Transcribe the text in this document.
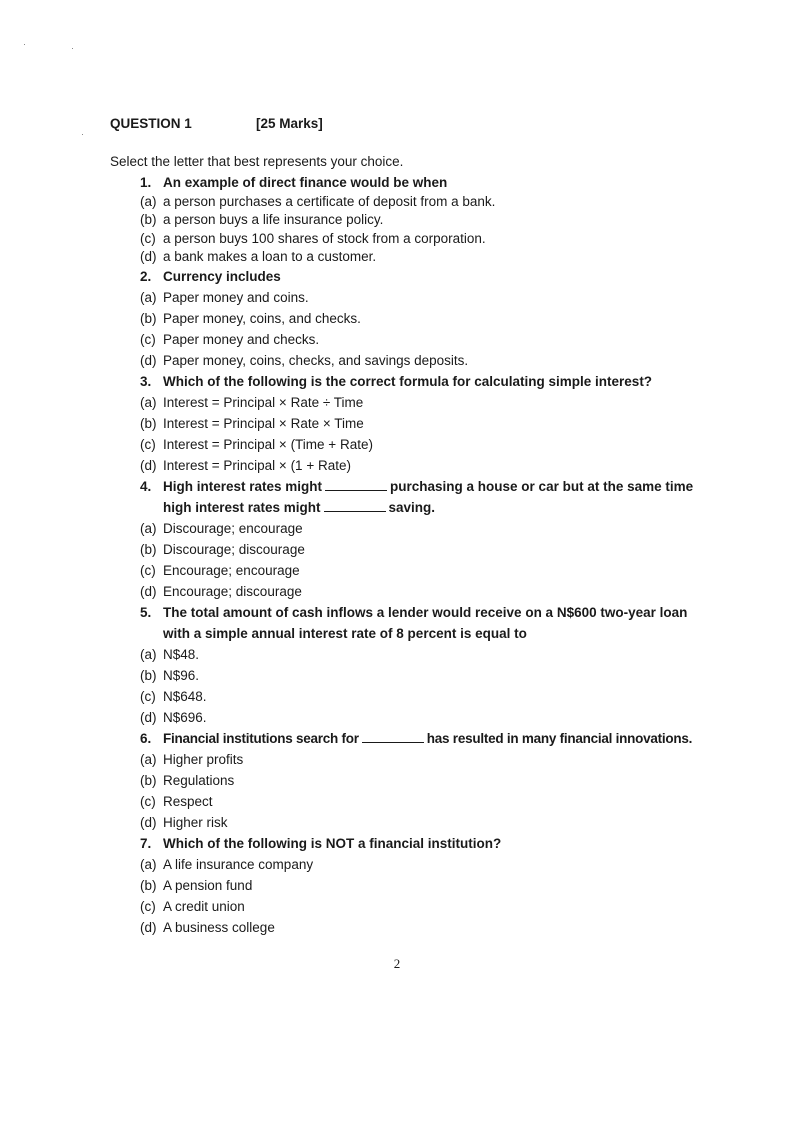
QUESTION 1	[25 Marks]
Select the letter that best represents your choice.
1. An example of direct finance would be when
(a) a person purchases a certificate of deposit from a bank.
(b) a person buys a life insurance policy.
(c) a person buys 100 shares of stock from a corporation.
(d) a bank makes a loan to a customer.
2. Currency includes
(a) Paper money and coins.
(b) Paper money, coins, and checks.
(c) Paper money and checks.
(d) Paper money, coins, checks, and savings deposits.
3. Which of the following is the correct formula for calculating simple interest?
(a) Interest = Principal × Rate ÷ Time
(b) Interest = Principal × Rate × Time
(c) Interest = Principal × (Time + Rate)
(d) Interest = Principal × (1 + Rate)
4. High interest rates might	purchasing a house or car but at the same time high interest rates might	saving.
(a) Discourage; encourage
(b) Discourage; discourage
(c) Encourage; encourage
(d) Encourage; discourage
5. The total amount of cash inflows a lender would receive on a N$600 two-year loan with a simple annual interest rate of 8 percent is equal to
(a) N$48.
(b) N$96.
(c) N$648.
(d) N$696.
6. Financial institutions search for	has resulted in many financial innovations.
(a) Higher profits
(b) Regulations
(c) Respect
(d) Higher risk
7. Which of the following is NOT a financial institution?
(a) A life insurance company
(b) A pension fund
(c) A credit union
(d) A business college
2
